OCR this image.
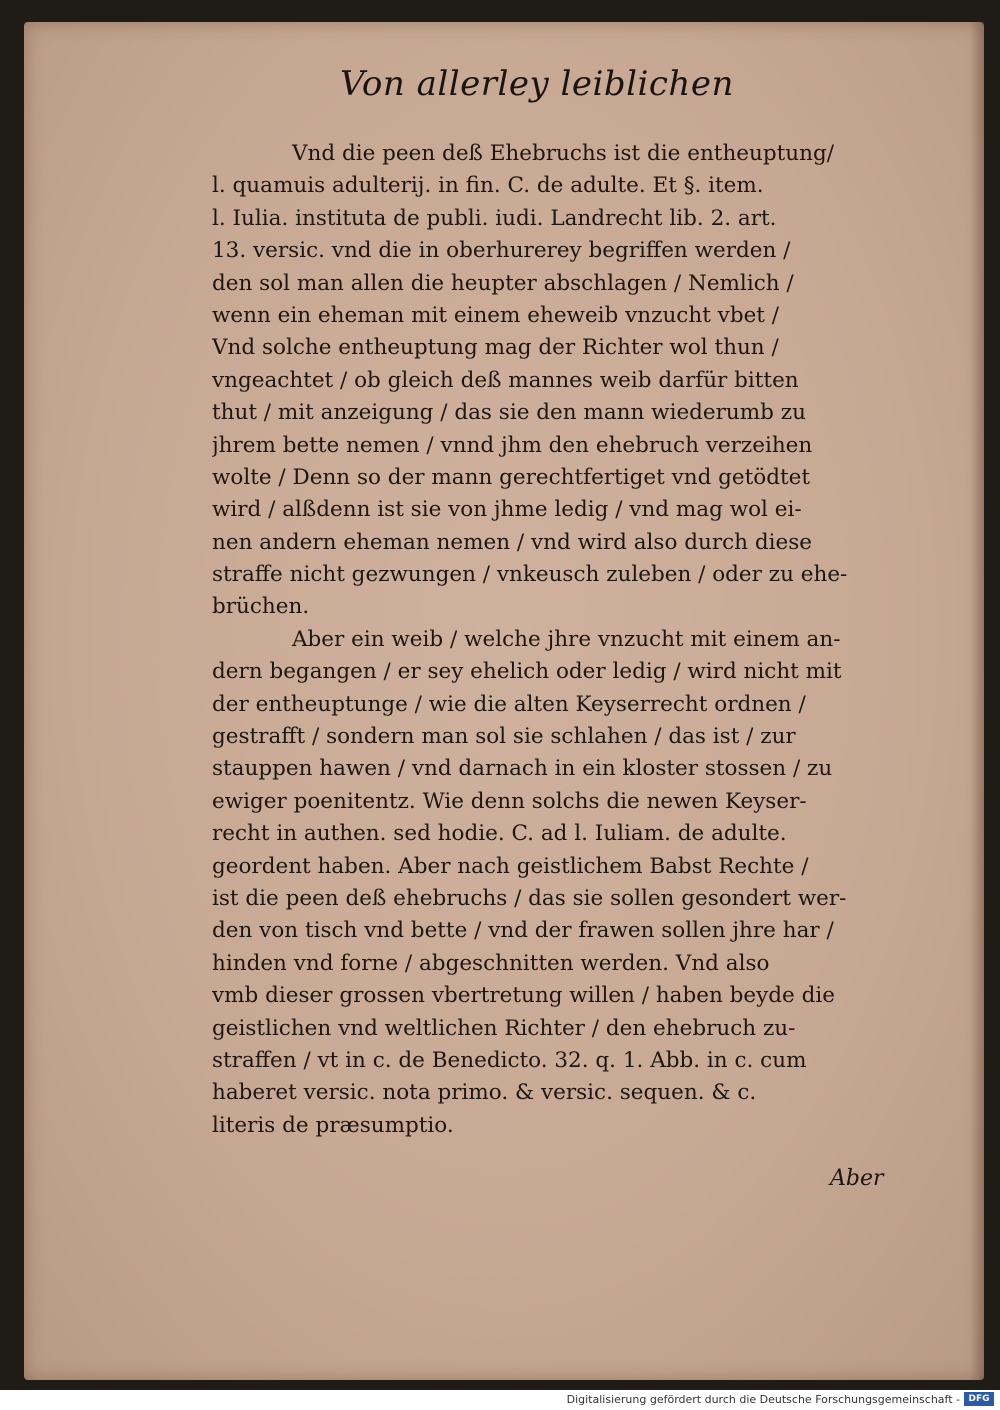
Von allerley leiblichen
Vnd die peen deß Ehebruchs ist die entheuptung/
l. quamuis adulterij. in fin. C. de adulte. Et §. item.
l. Iulia. instituta de publi. iudi. Landrecht lib. 2. art.
13. versic. vnd die in oberhurerey begriffen werden /
den sol man allen die heupter abschlagen / Nemlich /
wenn ein eheman mit einem eheweib vnzucht vbet /
Vnd solche entheuptung mag der Richter wol thun /
vngeachtet / ob gleich deß mannes weib darfür bitten
thut / mit anzeigung / das sie den mann wiederumb zu
jhrem bette nemen / vnnd jhm den ehebruch verzeihen
wolte / Denn so der mann gerechtfertiget vnd getödtet
wird / alßdenn ist sie von jhme ledig / vnd mag wol ei-
nen andern eheman nemen / vnd wird also durch diese
straffe nicht gezwungen / vnkeusch zuleben / oder zu ehe-
brüchen.
Aber ein weib / welche jhre vnzucht mit einem an-
dern begangen / er sey ehelich oder ledig / wird nicht mit
der entheuptunge / wie die alten Keyserrecht ordnen /
gestrafft / sondern man sol sie schlahen / das ist / zur
stauppen hawen / vnd darnach in ein kloster stossen / zu
ewiger poenitentz. Wie denn solchs die newen Keyser-
recht in authen. sed hodie. C. ad l. Iuliam. de adulte.
geordent haben. Aber nach geistlichem Babst Rechte /
ist die peen deß ehebruchs / das sie sollen gesondert wer-
den von tisch vnd bette / vnd der frawen sollen jhre har /
hinden vnd forne / abgeschnitten werden. Vnd also
vmb dieser grossen vbertretung willen / haben beyde die
geistlichen vnd weltlichen Richter / den ehebruch zu-
straffen / vt in c. de Benedicto. 32. q. 1. Abb. in c. cum
haberet versic. nota primo. & versic. sequen. & c.
literis de præsumptio.
Aber
Digitalisierung gefördert durch die Deutsche Forschungsgemeinschaft - DFG
